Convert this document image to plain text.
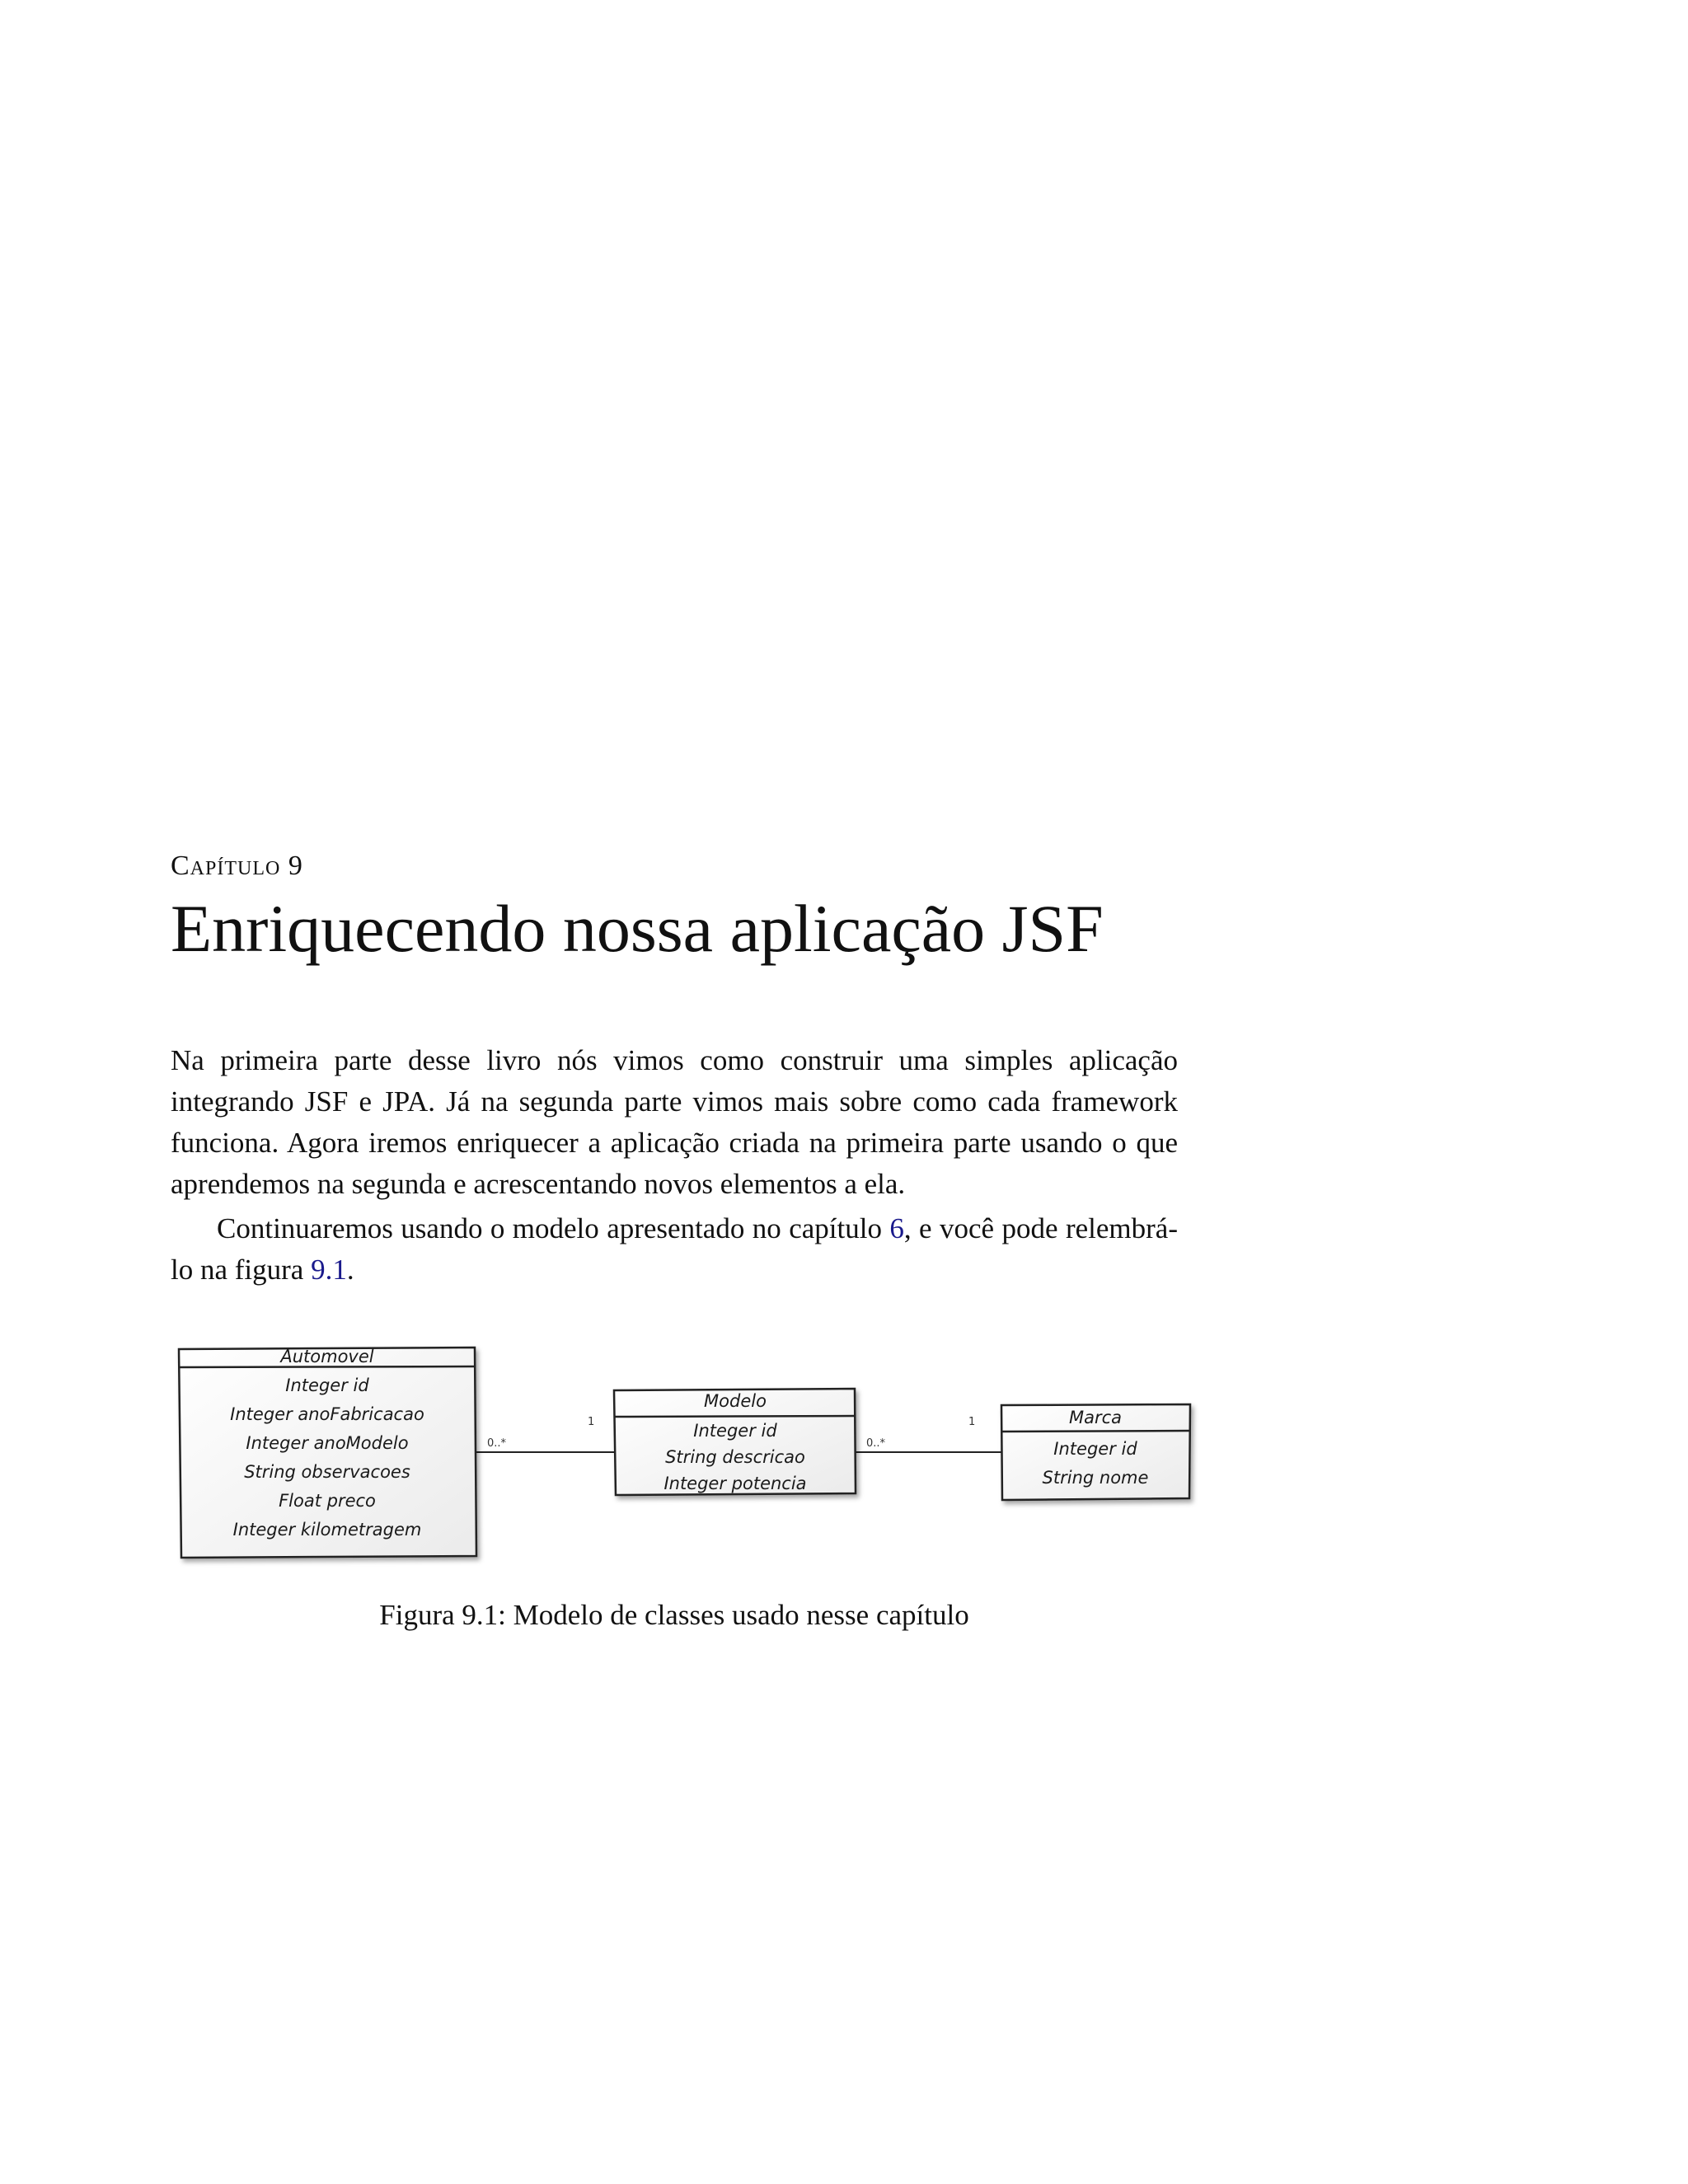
Capítulo 9
Enriquecendo nossa aplicação JSF

Na primeira parte desse livro nós vimos como construir uma simples aplicação integrando JSF e JPA. Já na segunda parte vimos mais sobre como cada framework funciona. Agora iremos enriquecer a aplicação criada na primeira parte usando o que aprendemos na segunda e acrescentando novos elementos a ela.

Continuaremos usando o modelo apresentado no capítulo 6, e você pode relembrá-lo na figura 9.1.

0..*
1
0..*
1
Automovel
Integer id
Integer anoFabricacao
Integer anoModelo
String observacoes
Float preco
Integer kilometragem
Modelo
Integer id
String descricao
Integer potencia
Marca
Integer id
String nome
Figura 9.1: Modelo de classes usado nesse capítulo
